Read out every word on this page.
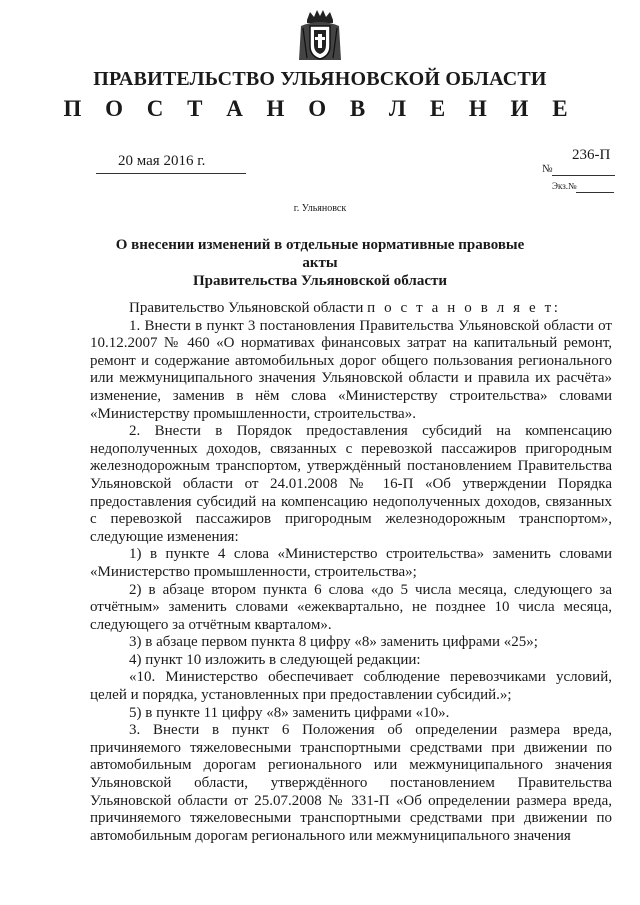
ПРАВИТЕЛЬСТВО УЛЬЯНОВСКОЙ ОБЛАСТИ
П О С Т А Н О В Л Е Н И Е
20 мая 2016 г.	236-П
№
Экз.№
г. Ульяновск
О внесении изменений в отдельные нормативные правовые акты
Правительства Ульяновской области

Правительство Ульяновской области п о с т а н о в л я е т:

1. Внести в пункт 3 постановления Правительства Ульяновской области от 10.12.2007 № 460 «О нормативах финансовых затрат на капитальный ремонт, ремонт и содержание автомобильных дорог общего пользования регионального или межмуниципального значения Ульяновской области и правила их расчёта» изменение, заменив в нём слова «Министерству строительства» словами «Министерству промышленности, строительства».

2. Внести в Порядок предоставления субсидий на компенсацию недополученных доходов, связанных с перевозкой пассажиров пригородным железнодорожным транспортом, утверждённый постановлением Правительства Ульяновской области от 24.01.2008 № 16-П «Об утверждении Порядка предоставления субсидий на компенсацию недополученных доходов, связанных с перевозкой пассажиров пригородным железнодорожным транспортом», следующие изменения:

1) в пункте 4 слова «Министерство строительства» заменить словами «Министерство промышленности, строительства»;

2) в абзаце втором пункта 6 слова «до 5 числа месяца, следующего за отчётным» заменить словами «ежеквартально, не позднее 10 числа месяца, следующего за отчётным кварталом».

3) в абзаце первом пункта 8 цифру «8» заменить цифрами «25»;

4) пункт 10 изложить в следующей редакции:

«10. Министерство обеспечивает соблюдение перевозчиками условий, целей и порядка, установленных при предоставлении субсидий.»;

5) в пункте 11 цифру «8» заменить цифрами «10».

3. Внести в пункт 6 Положения об определении размера вреда, причиняемого тяжеловесными транспортными средствами при движении по автомобильным дорогам регионального или межмуниципального значения Ульяновской области, утверждённого постановлением Правительства Ульяновской области от 25.07.2008 № 331-П «Об определении размера вреда, причиняемого тяжеловесными транспортными средствами при движении по автомобильным дорогам регионального или межмуниципального значения
